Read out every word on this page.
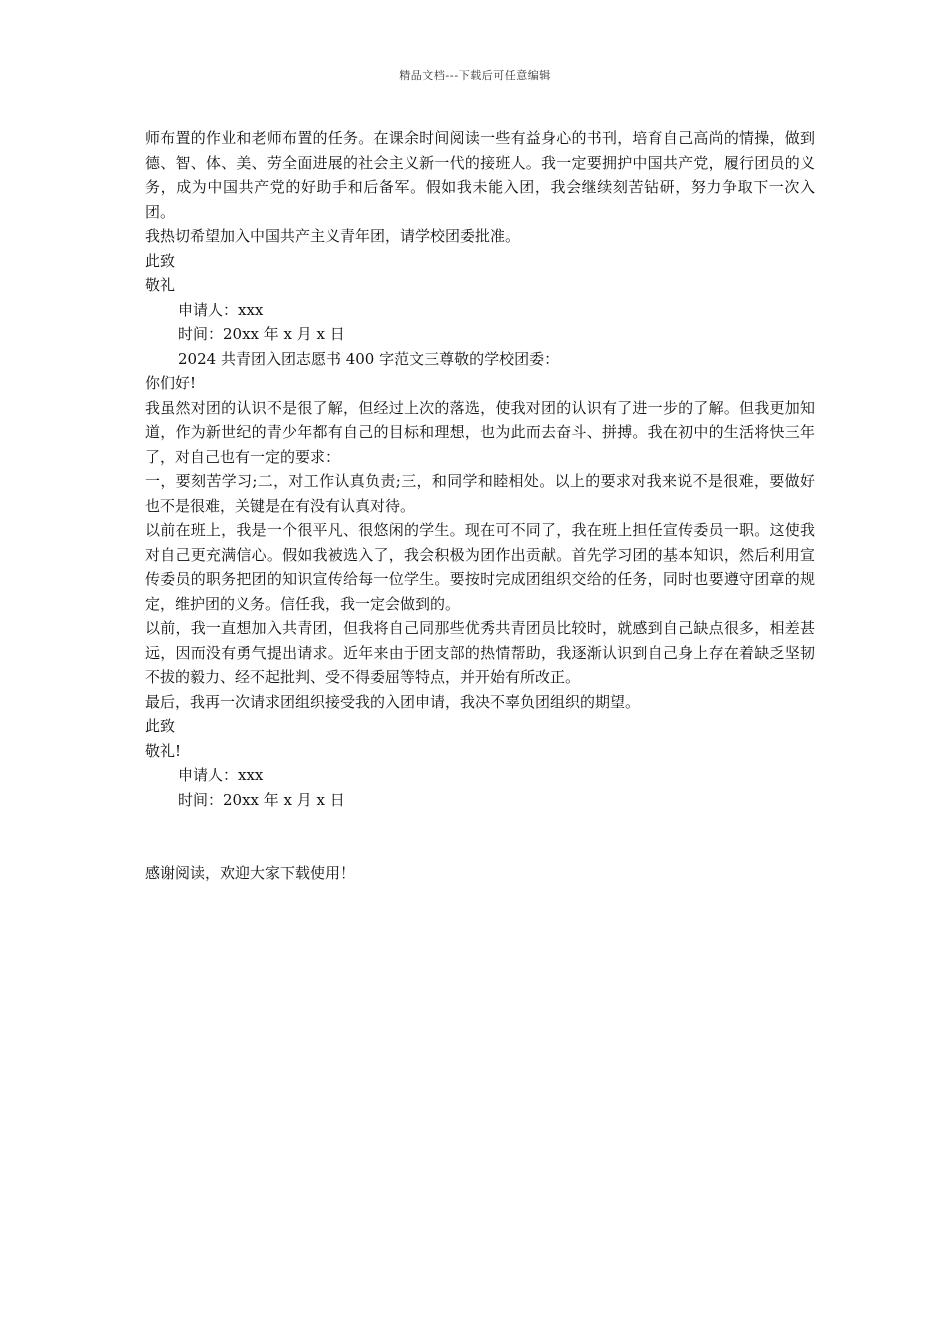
精品文档---下载后可任意编辑
师布置的作业和老师布置的任务。在课余时间阅读一些有益身心的书刊，培育自己高尚的情操，做到德、智、体、美、劳全面进展的社会主义新一代的接班人。我一定要拥护中国共产党，履行团员的义务，成为中国共产党的好助手和后备军。假如我未能入团，我会继续刻苦钻研，努力争取下一次入团。
我热切希望加入中国共产主义青年团，请学校团委批准。
此致
敬礼
申请人：xxx
时间：20xx 年 x 月 x 日
2024 共青团入团志愿书 400 字范文三尊敬的学校团委：
你们好!
我虽然对团的认识不是很了解，但经过上次的落选，使我对团的认识有了进一步的了解。但我更加知道，作为新世纪的青少年都有自己的目标和理想，也为此而去奋斗、拼搏。我在初中的生活将快三年了，对自己也有一定的要求：
一，要刻苦学习;二，对工作认真负责;三，和同学和睦相处。以上的要求对我来说不是很难，要做好也不是很难，关键是在有没有认真对待。
以前在班上，我是一个很平凡、很悠闲的学生。现在可不同了，我在班上担任宣传委员一职。这使我对自己更充满信心。假如我被选入了，我会积极为团作出贡献。首先学习团的基本知识，然后利用宣传委员的职务把团的知识宣传给每一位学生。要按时完成团组织交给的任务，同时也要遵守团章的规定，维护团的义务。信任我，我一定会做到的。
以前，我一直想加入共青团，但我将自己同那些优秀共青团员比较时，就感到自己缺点很多，相差甚远，因而没有勇气提出请求。近年来由于团支部的热情帮助，我逐渐认识到自己身上存在着缺乏坚韧不拔的毅力、经不起批判、受不得委屈等特点，并开始有所改正。
最后，我再一次请求团组织接受我的入团申请，我决不辜负团组织的期望。
此致
敬礼!
申请人：xxx
时间：20xx 年 x 月 x 日
感谢阅读，欢迎大家下载使用！
